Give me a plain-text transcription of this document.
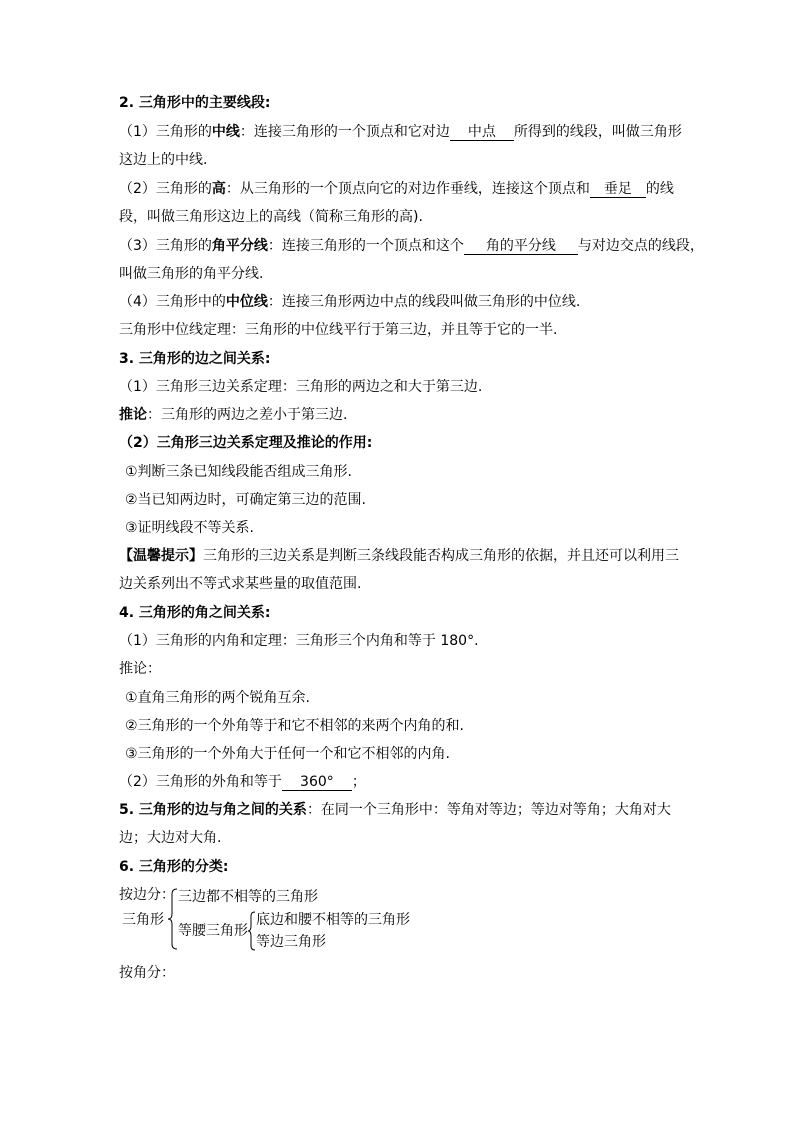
2. 三角形中的主要线段:
（1）三角形的中线：连接三角形的一个顶点和它对边 中点 所得到的线段，叫做三角形
这边上的中线.
（2）三角形的高：从三角形的一个顶点向它的对边作垂线，连接这个顶点和 垂足 的线
段，叫做三角形这边上的高线（简称三角形的高).
（3）三角形的角平分线：连接三角形的一个顶点和这个 角的平分线 与对边交点的线段，
叫做三角形的角平分线.
（4）三角形中的中位线：连接三角形两边中点的线段叫做三角形的中位线.
三角形中位线定理：三角形的中位线平行于第三边，并且等于它的一半.
3. 三角形的边之间关系:
（1）三角形三边关系定理：三角形的两边之和大于第三边.
推论：三角形的两边之差小于第三边.
（2）三角形三边关系定理及推论的作用:
①判断三条已知线段能否组成三角形.
②当已知两边时，可确定第三边的范围.
③证明线段不等关系.
【温馨提示】三角形的三边关系是判断三条线段能否构成三角形的依据，并且还可以利用三
边关系列出不等式求某些量的取值范围.
4. 三角形的角之间关系:
（1）三角形的内角和定理：三角形三个内角和等于 180°.
推论：
①直角三角形的两个锐角互余.
②三角形的一个外角等于和它不相邻的来两个内角的和.
③三角形的一个外角大于任何一个和它不相邻的内角.
（2）三角形的外角和等于 360° ；
5. 三角形的边与角之间的关系：在同一个三角形中：等角对等边；等边对等角；大角对大
边；大边对大角.
6. 三角形的分类:
按边分：
三角形
三边都不相等的三角形
等腰三角形
底边和腰不相等的三角形
等边三角形
按角分：
